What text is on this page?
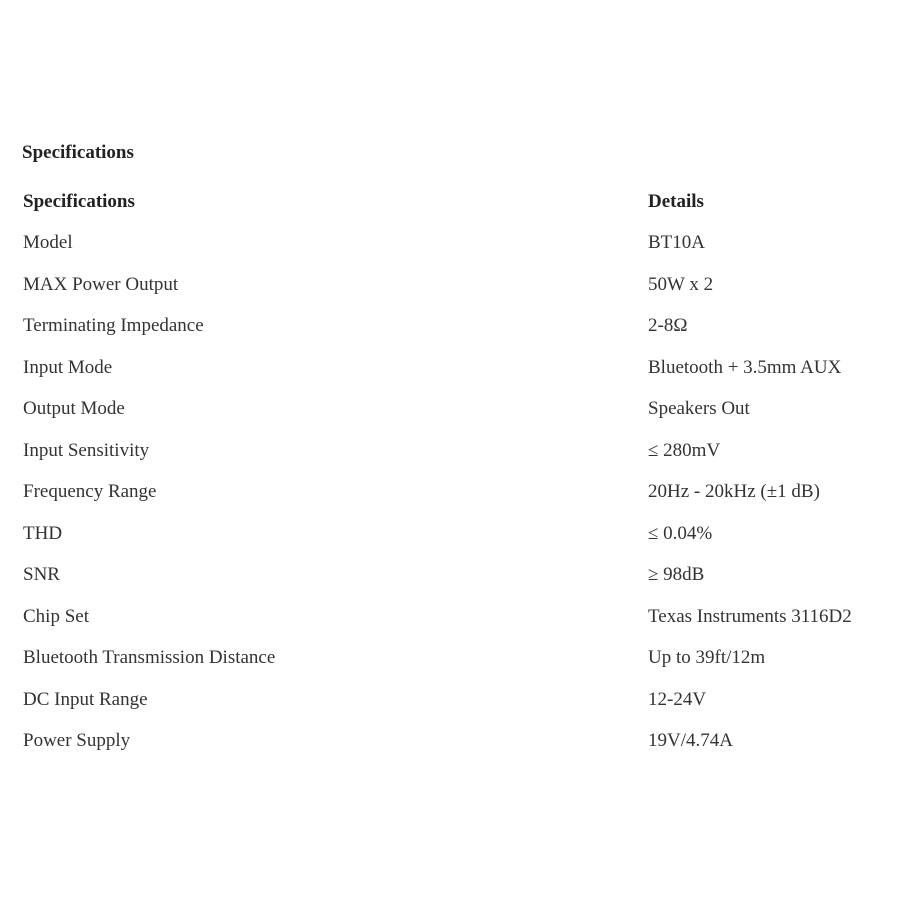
Specifications
Specifications	Details
Model	BT10A
MAX Power Output	50W x 2
Terminating Impedance	2-8Ω
Input Mode	Bluetooth + 3.5mm AUX
Output Mode	Speakers Out
Input Sensitivity	≤ 280mV
Frequency Range	20Hz - 20kHz (±1 dB)
THD	≤ 0.04%
SNR	≥ 98dB
Chip Set	Texas Instruments 3116D2
Bluetooth Transmission Distance	Up to 39ft/12m
DC Input Range	12-24V
Power Supply	19V/4.74A
